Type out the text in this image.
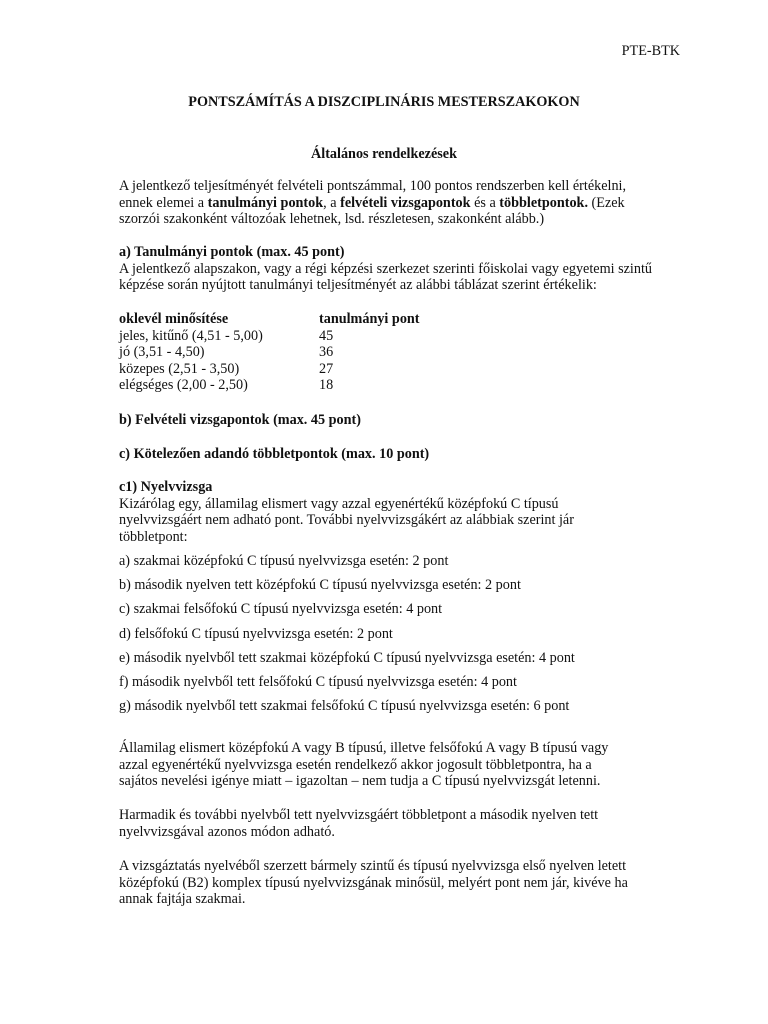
PTE-BTK
PONTSZÁMÍTÁS A DISZCIPLINÁRIS MESTERSZAKOKON
Általános rendelkezések
A jelentkező teljesítményét felvételi pontszámmal, 100 pontos rendszerben kell értékelni,
ennek elemei a tanulmányi pontok, a felvételi vizsgapontok és a többletpontok. (Ezek
szorzói szakonként változóak lehetnek, lsd. részletesen, szakonként alább.)
a) Tanulmányi pontok (max. 45 pont)
A jelentkező alapszakon, vagy a régi képzési szerkezet szerinti főiskolai vagy egyetemi szintű
képzése során nyújtott tanulmányi teljesítményét az alábbi táblázat szerint értékelik:
oklevél minősítése	tanulmányi pont
jeles, kitűnő (4,51 - 5,00)	45
jó (3,51 - 4,50)	36
közepes (2,51 - 3,50)	27
elégséges (2,00 - 2,50)	18
b) Felvételi vizsgapontok (max. 45 pont)
c) Kötelezően adandó többletpontok (max. 10 pont)
c1) Nyelvvizsga
Kizárólag egy, államilag elismert vagy azzal egyenértékű középfokú C típusú
nyelvvizsgáért nem adható pont. További nyelvvizsgákért az alábbiak szerint jár
többletpont:
a) szakmai középfokú C típusú nyelvvizsga esetén: 2 pont
b) második nyelven tett középfokú C típusú nyelvvizsga esetén: 2 pont
c) szakmai felsőfokú C típusú nyelvvizsga esetén: 4 pont
d) felsőfokú C típusú nyelvvizsga esetén: 2 pont
e) második nyelvből tett szakmai középfokú C típusú nyelvvizsga esetén: 4 pont
f) második nyelvből tett felsőfokú C típusú nyelvvizsga esetén: 4 pont
g) második nyelvből tett szakmai felsőfokú C típusú nyelvvizsga esetén: 6 pont
Államilag elismert középfokú A vagy B típusú, illetve felsőfokú A vagy B típusú vagy
azzal egyenértékű nyelvvizsga esetén rendelkező akkor jogosult többletpontra, ha a
sajátos nevelési igénye miatt – igazoltan – nem tudja a C típusú nyelvvizsgát letenni.
Harmadik és további nyelvből tett nyelvvizsgáért többletpont a második nyelven tett
nyelvvizsgával azonos módon adható.
A vizsgáztatás nyelvéből szerzett bármely szintű és típusú nyelvvizsga első nyelven letett
középfokú (B2) komplex típusú nyelvvizsgának minősül, melyért pont nem jár, kivéve ha
annak fajtája szakmai.
